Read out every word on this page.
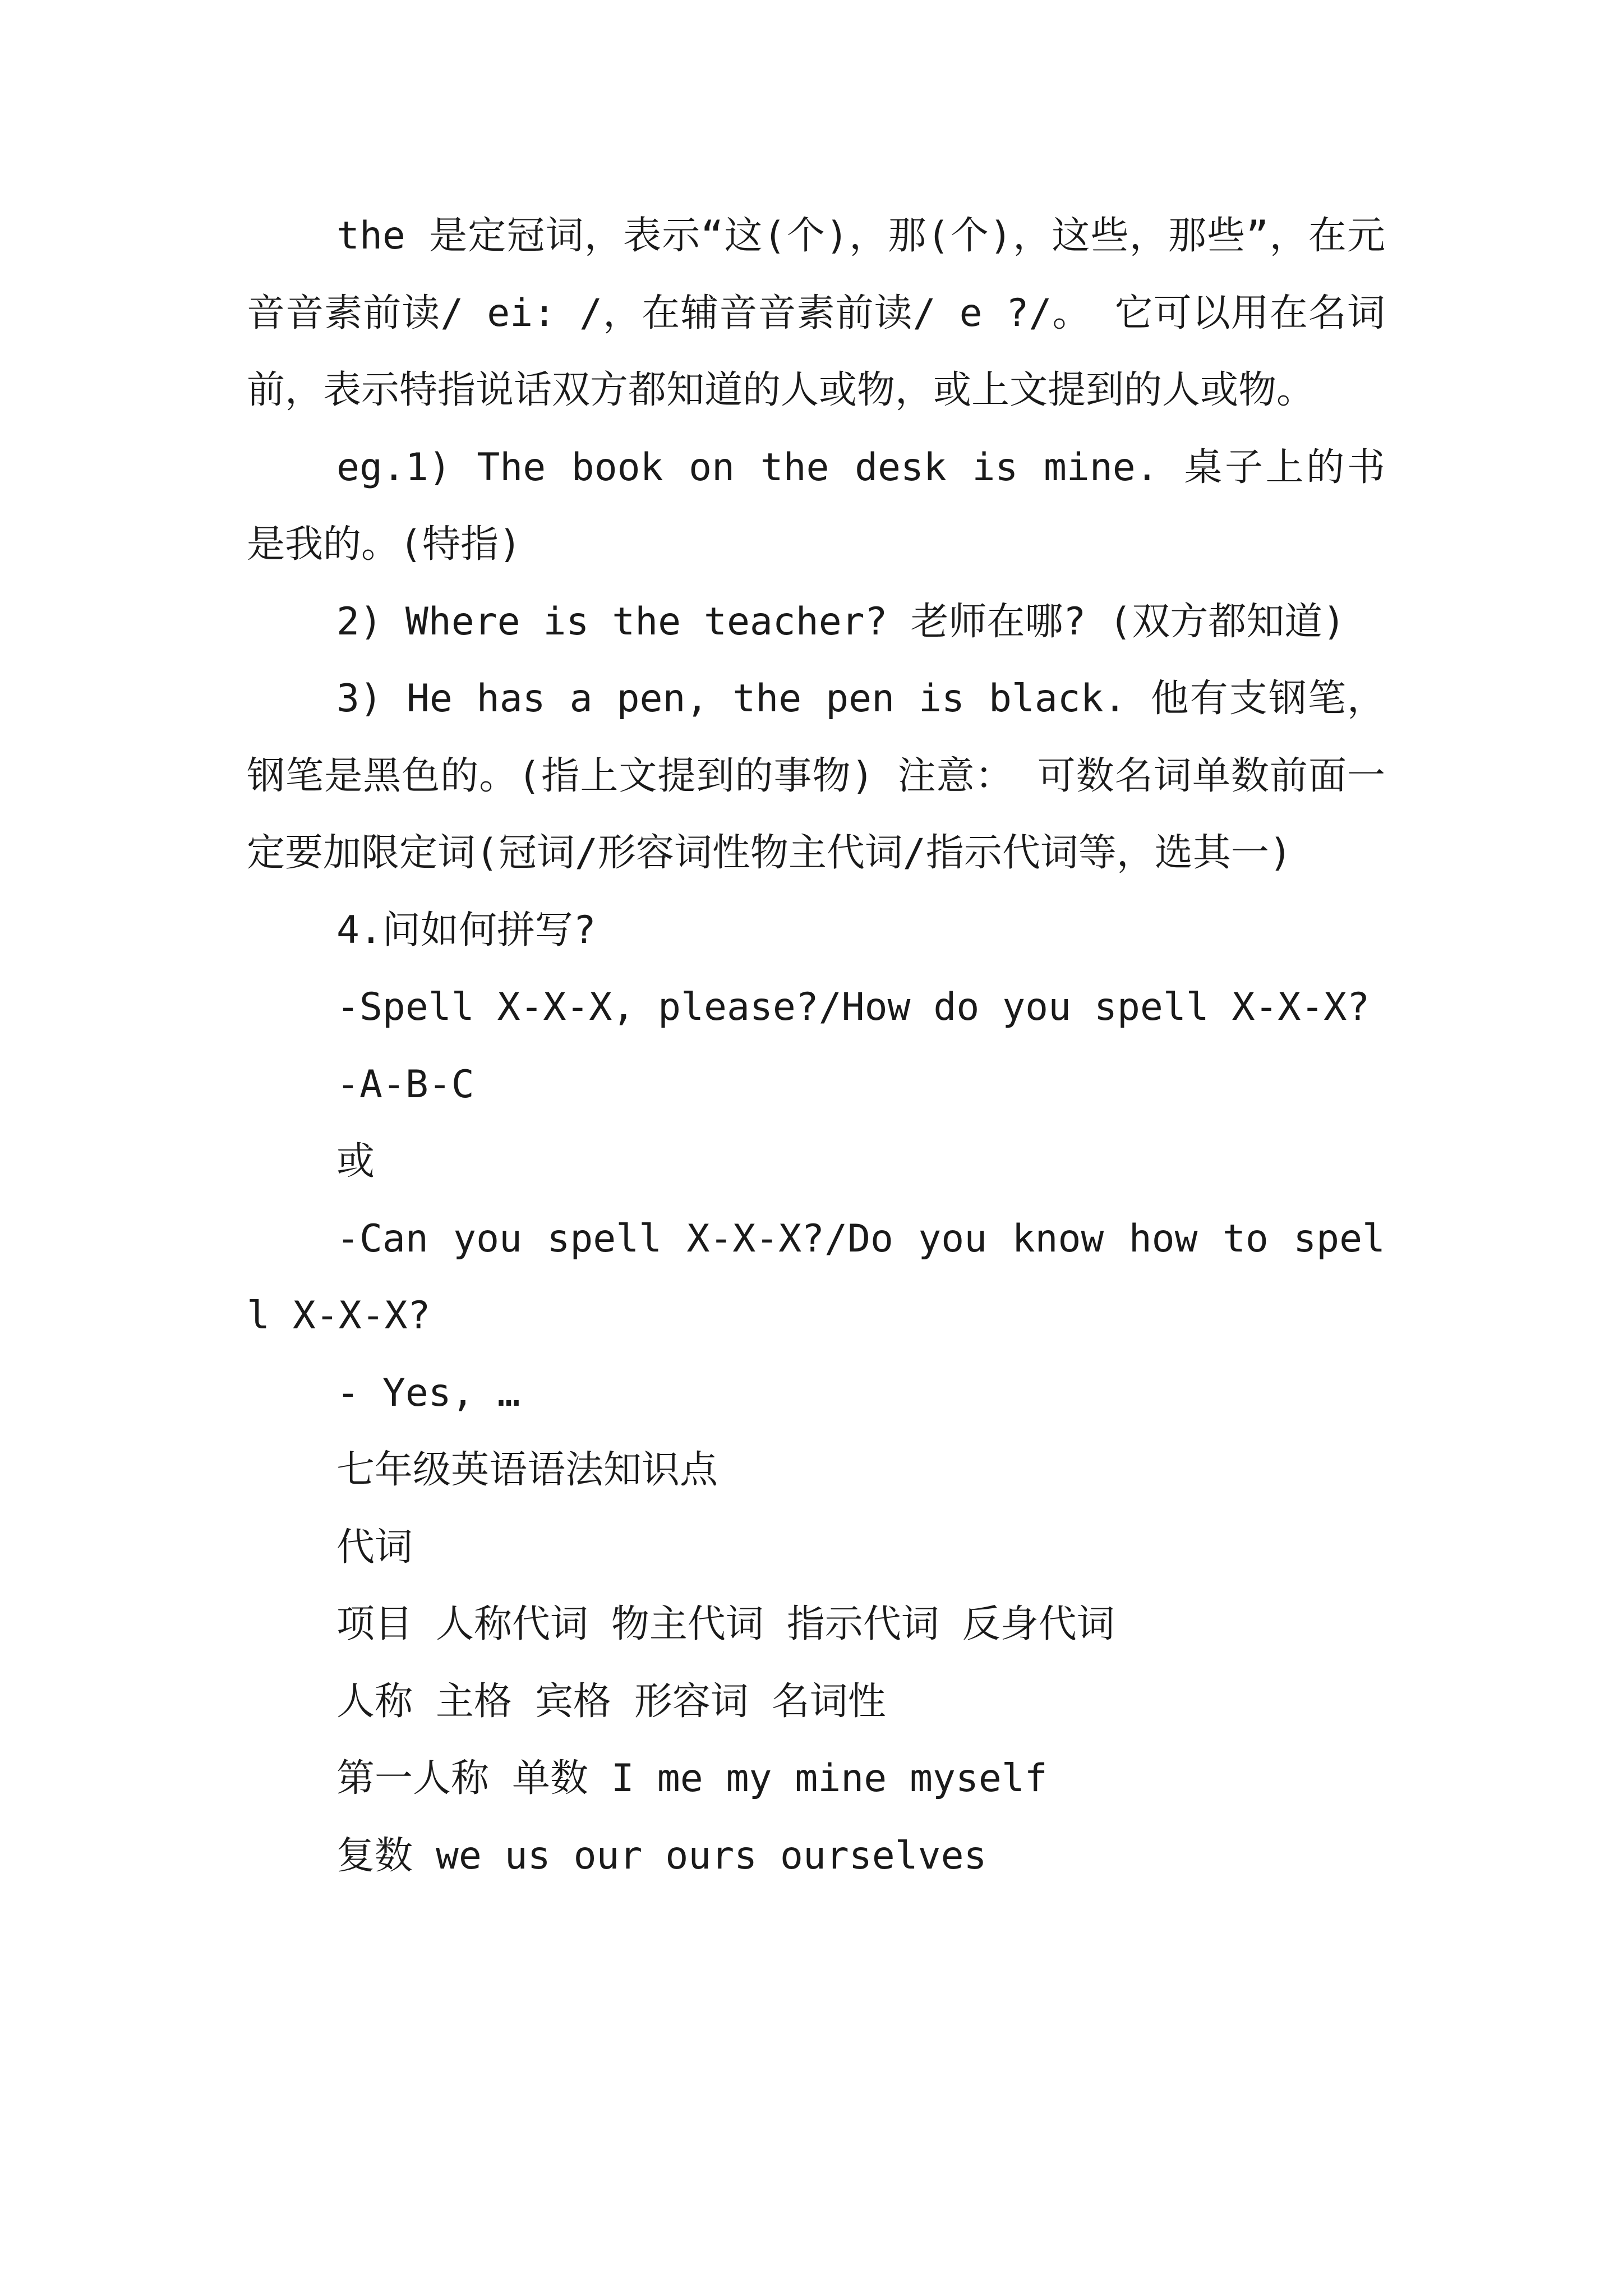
the 是定冠词，表示“这(个)，那(个)，这些，那些”，在元音音素前读/ ei: /，在辅音音素前读/ e ?/。 它可以用在名词前，表示特指说话双方都知道的人或物，或上文提到的人或物。

eg.1) The book on the desk is mine. 桌子上的书是我的。(特指)

2) Where is the teacher? 老师在哪? (双方都知道)

3) He has a pen, the pen is black. 他有支钢笔，钢笔是黑色的。(指上文提到的事物) 注意： 可数名词单数前面一定要加限定词(冠词/形容词性物主代词/指示代词等，选其一)

4.问如何拼写?

-Spell X-X-X, please?/How do you spell X-X-X?

-A-B-C

或

-Can you spell X-X-X?/Do you know how to spell X-X-X?

- Yes, …

七年级英语语法知识点

代词

项目 人称代词 物主代词 指示代词 反身代词

人称 主格 宾格 形容词 名词性

第一人称 单数 I me my mine myself

复数 we us our ours ourselves
